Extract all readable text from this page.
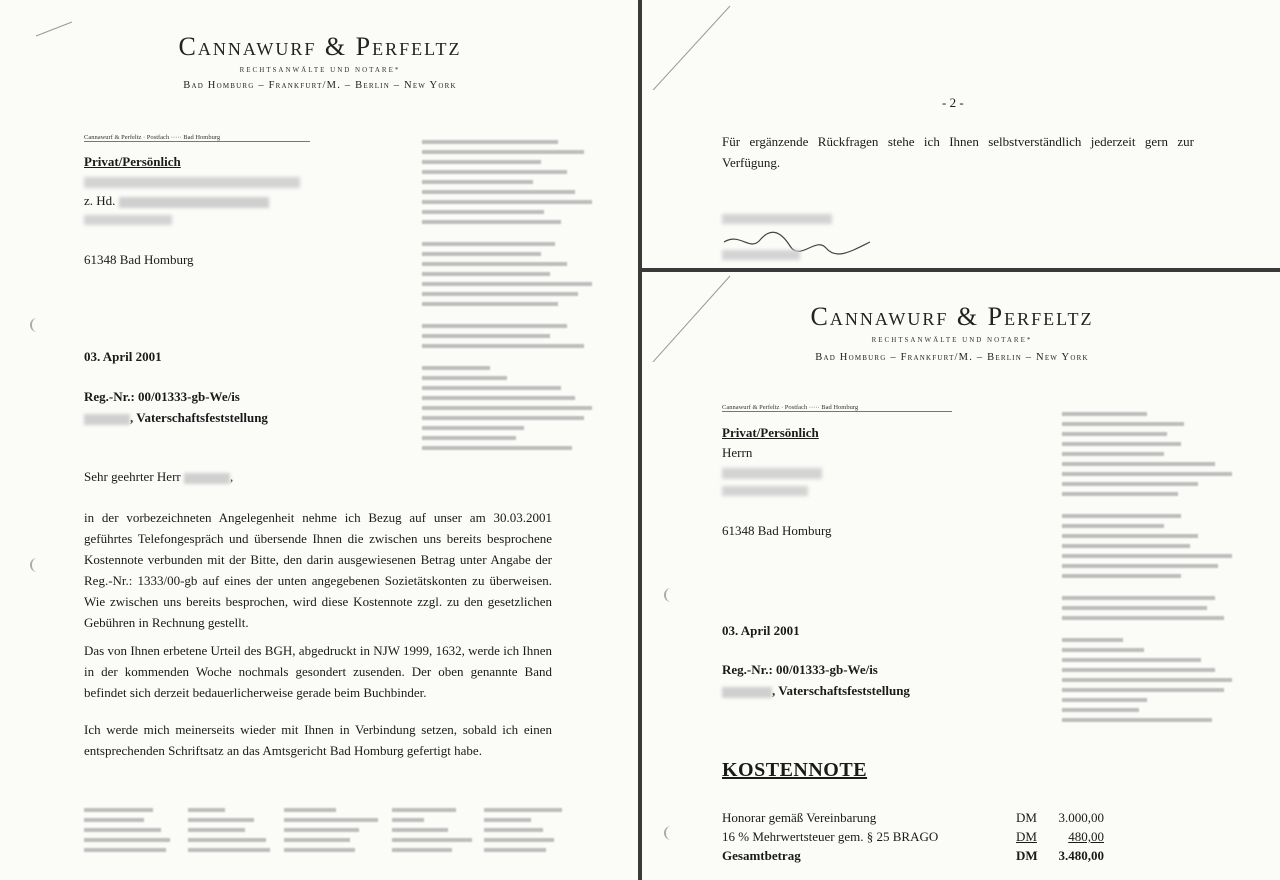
Cannawurf & Perfeltz
RECHTSANWÄLTE UND NOTARE*
Bad Homburg – Frankfurt/M. – Berlin – New York
Cannawurf & Perfeltz · Postfach ····· Bad Homburg
Privat/Persönlich
z. Hd.
61348 Bad Homburg
03. April 2001
Reg.-Nr.: 00/01333-gb-We/is
, Vaterschaftsfeststellung
Sehr geehrter Herr	,
in der vorbezeichneten Angelegenheit nehme ich Bezug auf unser am 30.03.2001 geführtes Telefongespräch und übersende Ihnen die zwischen uns bereits besprochene Kostennote verbunden mit der Bitte, den darin ausgewiesenen Betrag unter Angabe der Reg.-Nr.: 1333/00-gb auf eines der unten angegebenen Sozietätskonten zu überweisen. Wie zwischen uns bereits besprochen, wird diese Kostennote zzgl. zu den gesetzlichen Gebühren in Rechnung gestellt.
Das von Ihnen erbetene Urteil des BGH, abgedruckt in NJW 1999, 1632, werde ich Ihnen in der kommenden Woche nochmals gesondert zusenden. Der oben genannte Band befindet sich derzeit bedauerlicherweise gerade beim Buchbinder.
Ich werde mich meinerseits wieder mit Ihnen in Verbindung setzen, sobald ich einen entsprechenden Schriftsatz an das Amtsgericht Bad Homburg gefertigt habe.
- 2 -
Für ergänzende Rückfragen stehe ich Ihnen selbstverständlich jederzeit gern zur Verfügung.
Cannawurf & Perfeltz
RECHTSANWÄLTE UND NOTARE*
Bad Homburg – Frankfurt/M. – Berlin – New York
Cannawurf & Perfeltz · Postfach ····· Bad Homburg
Privat/Persönlich
Herrn
61348 Bad Homburg
03. April 2001
Reg.-Nr.: 00/01333-gb-We/is
, Vaterschaftsfeststellung
KOSTENNOTE
Honorar gemäß Vereinbarung	DM	3.000,00
16 % Mehrwertsteuer gem. § 25 BRAGO	DM	480,00
Gesamtbetrag	DM	3.480,00
